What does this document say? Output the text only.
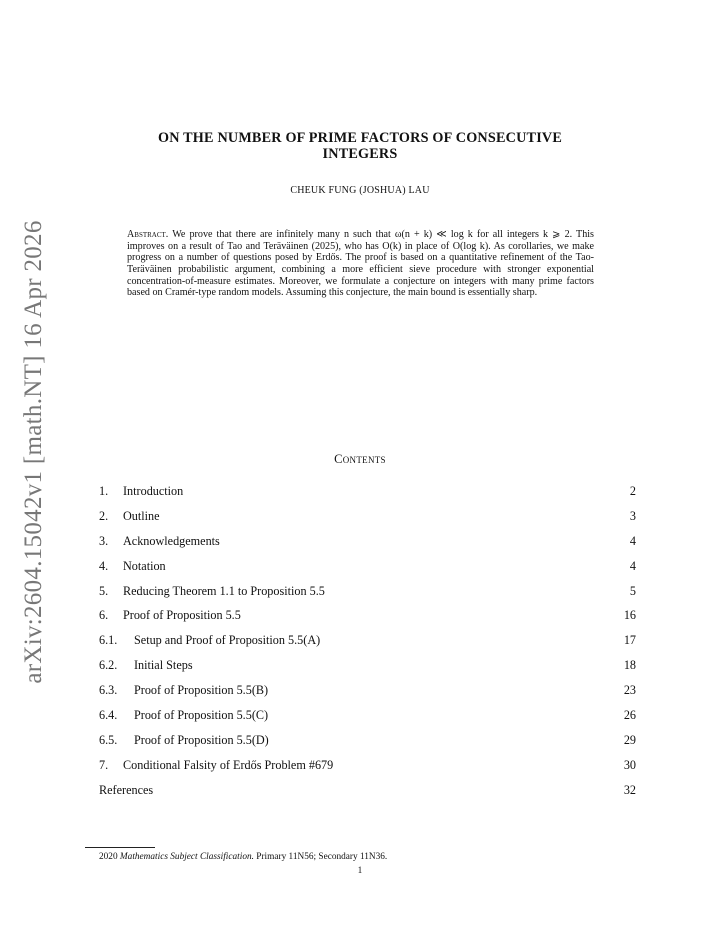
arXiv:2604.15042v1 [math.NT] 16 Apr 2026
ON THE NUMBER OF PRIME FACTORS OF CONSECUTIVE
INTEGERS
CHEUK FUNG (JOSHUA) LAU
Abstract. We prove that there are infinitely many n such that ω(n + k) ≪ log k for all integers k ⩾ 2. This improves on a result of Tao and Teräväinen (2025), who has O(k) in place of O(log k). As corollaries, we make progress on a number of questions posed by Erdős. The proof is based on a quantitative refinement of the Tao-Teräväinen probabilistic argument, combining a more efficient sieve procedure with stronger exponential concentration-of-measure estimates. Moreover, we formulate a conjecture on integers with many prime factors based on Cramér-type random models. Assuming this conjecture, the main bound is essentially sharp.
Contents
1. Introduction	2
2. Outline	3
3. Acknowledgements	4
4. Notation	4
5. Reducing Theorem 1.1 to Proposition 5.5	5
6. Proof of Proposition 5.5	16
6.1. Setup and Proof of Proposition 5.5(A)	17
6.2. Initial Steps	18
6.3. Proof of Proposition 5.5(B)	23
6.4. Proof of Proposition 5.5(C)	26
6.5. Proof of Proposition 5.5(D)	29
7. Conditional Falsity of Erdős Problem #679	30
References	32
2020 Mathematics Subject Classification. Primary 11N56; Secondary 11N36.
1
